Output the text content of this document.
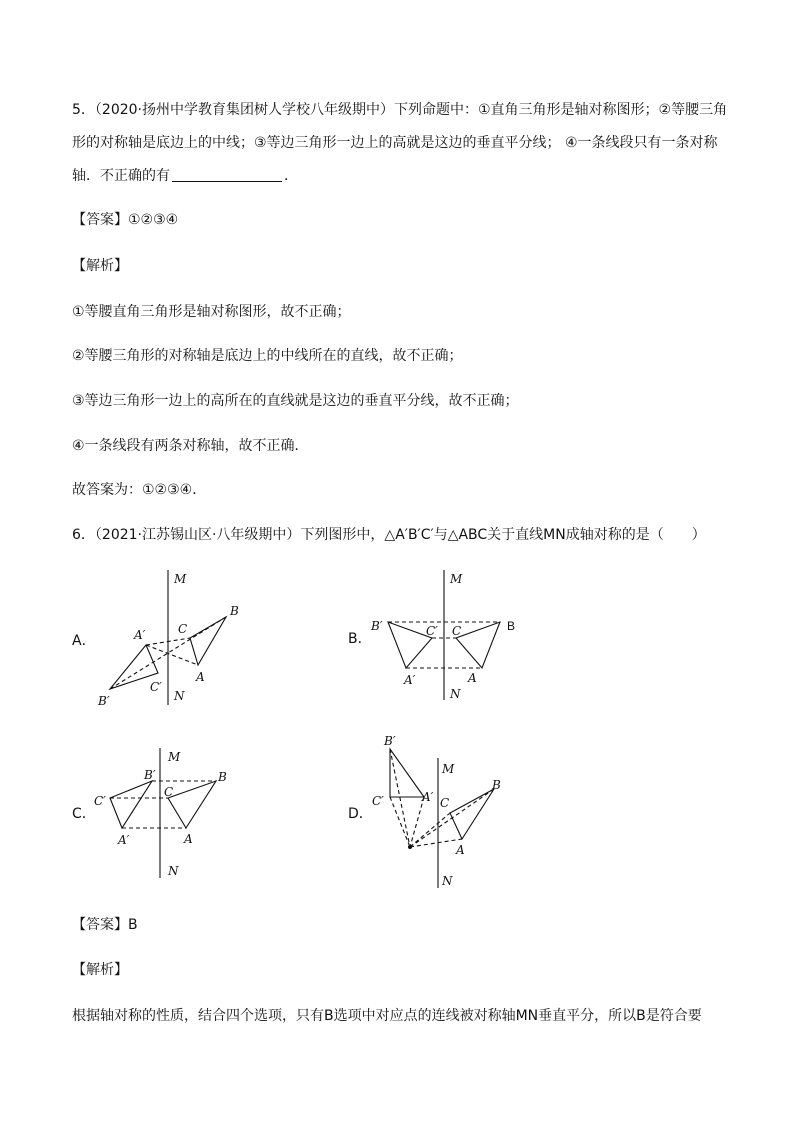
5．（2020·扬州中学教育集团树人学校八年级期中）下列命题中：①直角三角形是轴对称图形；②等腰三角
形的对称轴是底边上的中线；③等边三角形一边上的高就是这边的垂直平分线； ④一条线段只有一条对称
轴．不正确的有	．
【答案】①②③④
【解析】
①等腰直角三角形是轴对称图形，故不正确；
②等腰三角形的对称轴是底边上的中线所在的直线，故不正确；
③等边三角形一边上的高所在的直线就是这边的垂直平分线，故不正确；
④一条线段有两条对称轴，故不正确．
故答案为：①②③④．
6．（2021·江苏锡山区·八年级期中）下列图形中，△A′B′C′与△ABC关于直线MN成轴对称的是（　　）
A．	B．
C．	D．
M
N
B
C
A
A′
B′
C′
M
N
B
C
A
B′	C′
A′
M
N
B
C
A
B′
C′
A′
M
N
B′
C′	A′ C
B
A
【答案】B
【解析】
根据轴对称的性质，结合四个选项，只有B选项中对应点的连线被对称轴MN垂直平分，所以B是符合要
